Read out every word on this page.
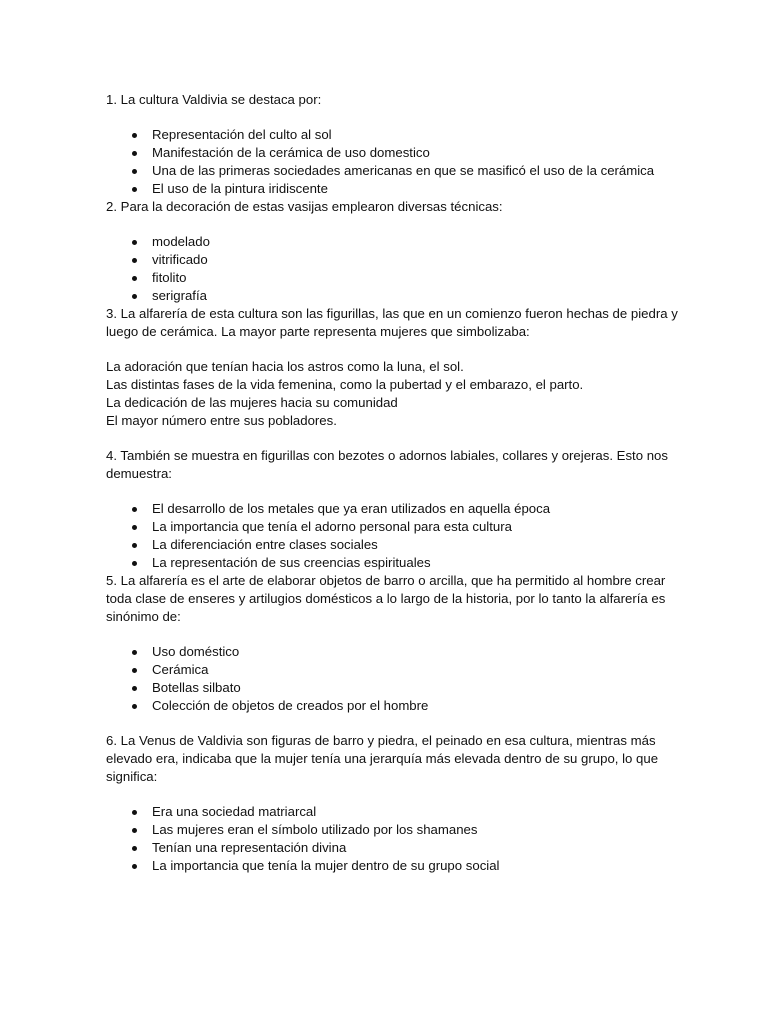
1. La cultura Valdivia se destaca por:

Representación del culto al sol
Manifestación de la cerámica de uso domestico
Una de las primeras sociedades americanas en que se masificó el uso de la cerámica
El uso de la pintura iridiscente

2. Para la decoración de estas vasijas emplearon diversas técnicas:

modelado
vitrificado
fitolito
serigrafía

3. La alfarería de esta cultura son las figurillas, las que en un comienzo fueron hechas de piedra y

luego de cerámica. La mayor parte representa mujeres que simbolizaba:

La adoración que tenían hacia los astros como la luna, el sol.

Las distintas fases de la vida femenina, como la pubertad y el embarazo, el parto.

La dedicación de las mujeres hacia su comunidad

El mayor número entre sus pobladores.

4. También se muestra en figurillas con bezotes o adornos labiales, collares y orejeras. Esto nos

demuestra:

El desarrollo de los metales que ya eran utilizados en aquella época
La importancia que tenía el adorno personal para esta cultura
La diferenciación entre clases sociales
La representación de sus creencias espirituales

5. La alfarería es el arte de elaborar objetos de barro o arcilla, que ha permitido al hombre crear

toda clase de enseres y artilugios domésticos a lo largo de la historia, por lo tanto la alfarería es

sinónimo de:

Uso doméstico
Cerámica
Botellas silbato
Colección de objetos de creados por el hombre

6. La Venus de Valdivia son figuras de barro y piedra, el peinado en esa cultura, mientras más

elevado era, indicaba que la mujer tenía una jerarquía más elevada dentro de su grupo, lo que

significa:

Era una sociedad matriarcal
Las mujeres eran el símbolo utilizado por los shamanes
Tenían una representación divina
La importancia que tenía la mujer dentro de su grupo social
